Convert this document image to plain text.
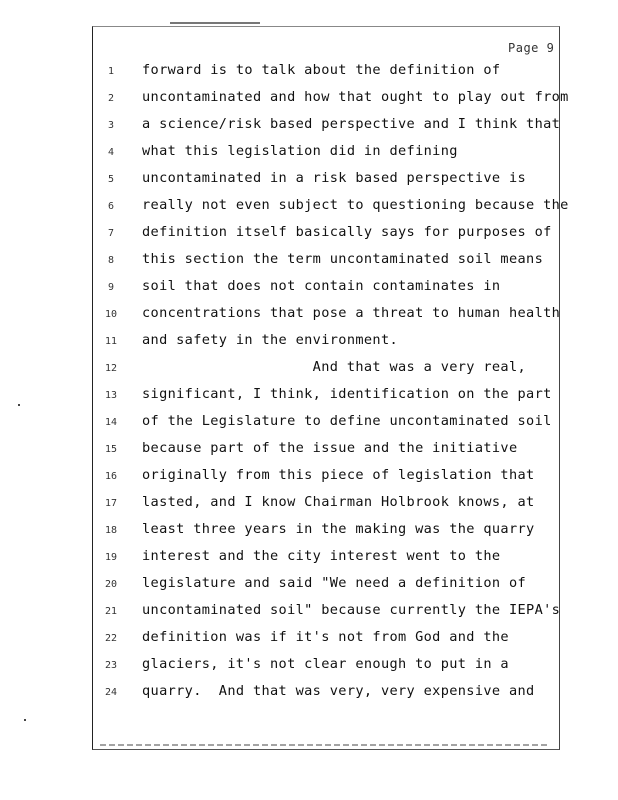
Page 9
1	forward is to talk about the definition of
2	uncontaminated and how that ought to play out from
3	a science/risk based perspective and I think that
4	what this legislation did in defining
5	uncontaminated in a risk based perspective is
6	really not even subject to questioning because the
7	definition itself basically says for purposes of
8	this section the term uncontaminated soil means
9	soil that does not contain contaminates in
10	concentrations that pose a threat to human health
11	and safety in the environment.
12	And that was a very real,
13	significant, I think, identification on the part
14	of the Legislature to define uncontaminated soil
15	because part of the issue and the initiative
16	originally from this piece of legislation that
17	lasted, and I know Chairman Holbrook knows, at
18	least three years in the making was the quarry
19	interest and the city interest went to the
20	legislature and said "We need a definition of
21	uncontaminated soil" because currently the IEPA's
22	definition was if it's not from God and the
23	glaciers, it's not clear enough to put in a
24	quarry.  And that was very, very expensive and
